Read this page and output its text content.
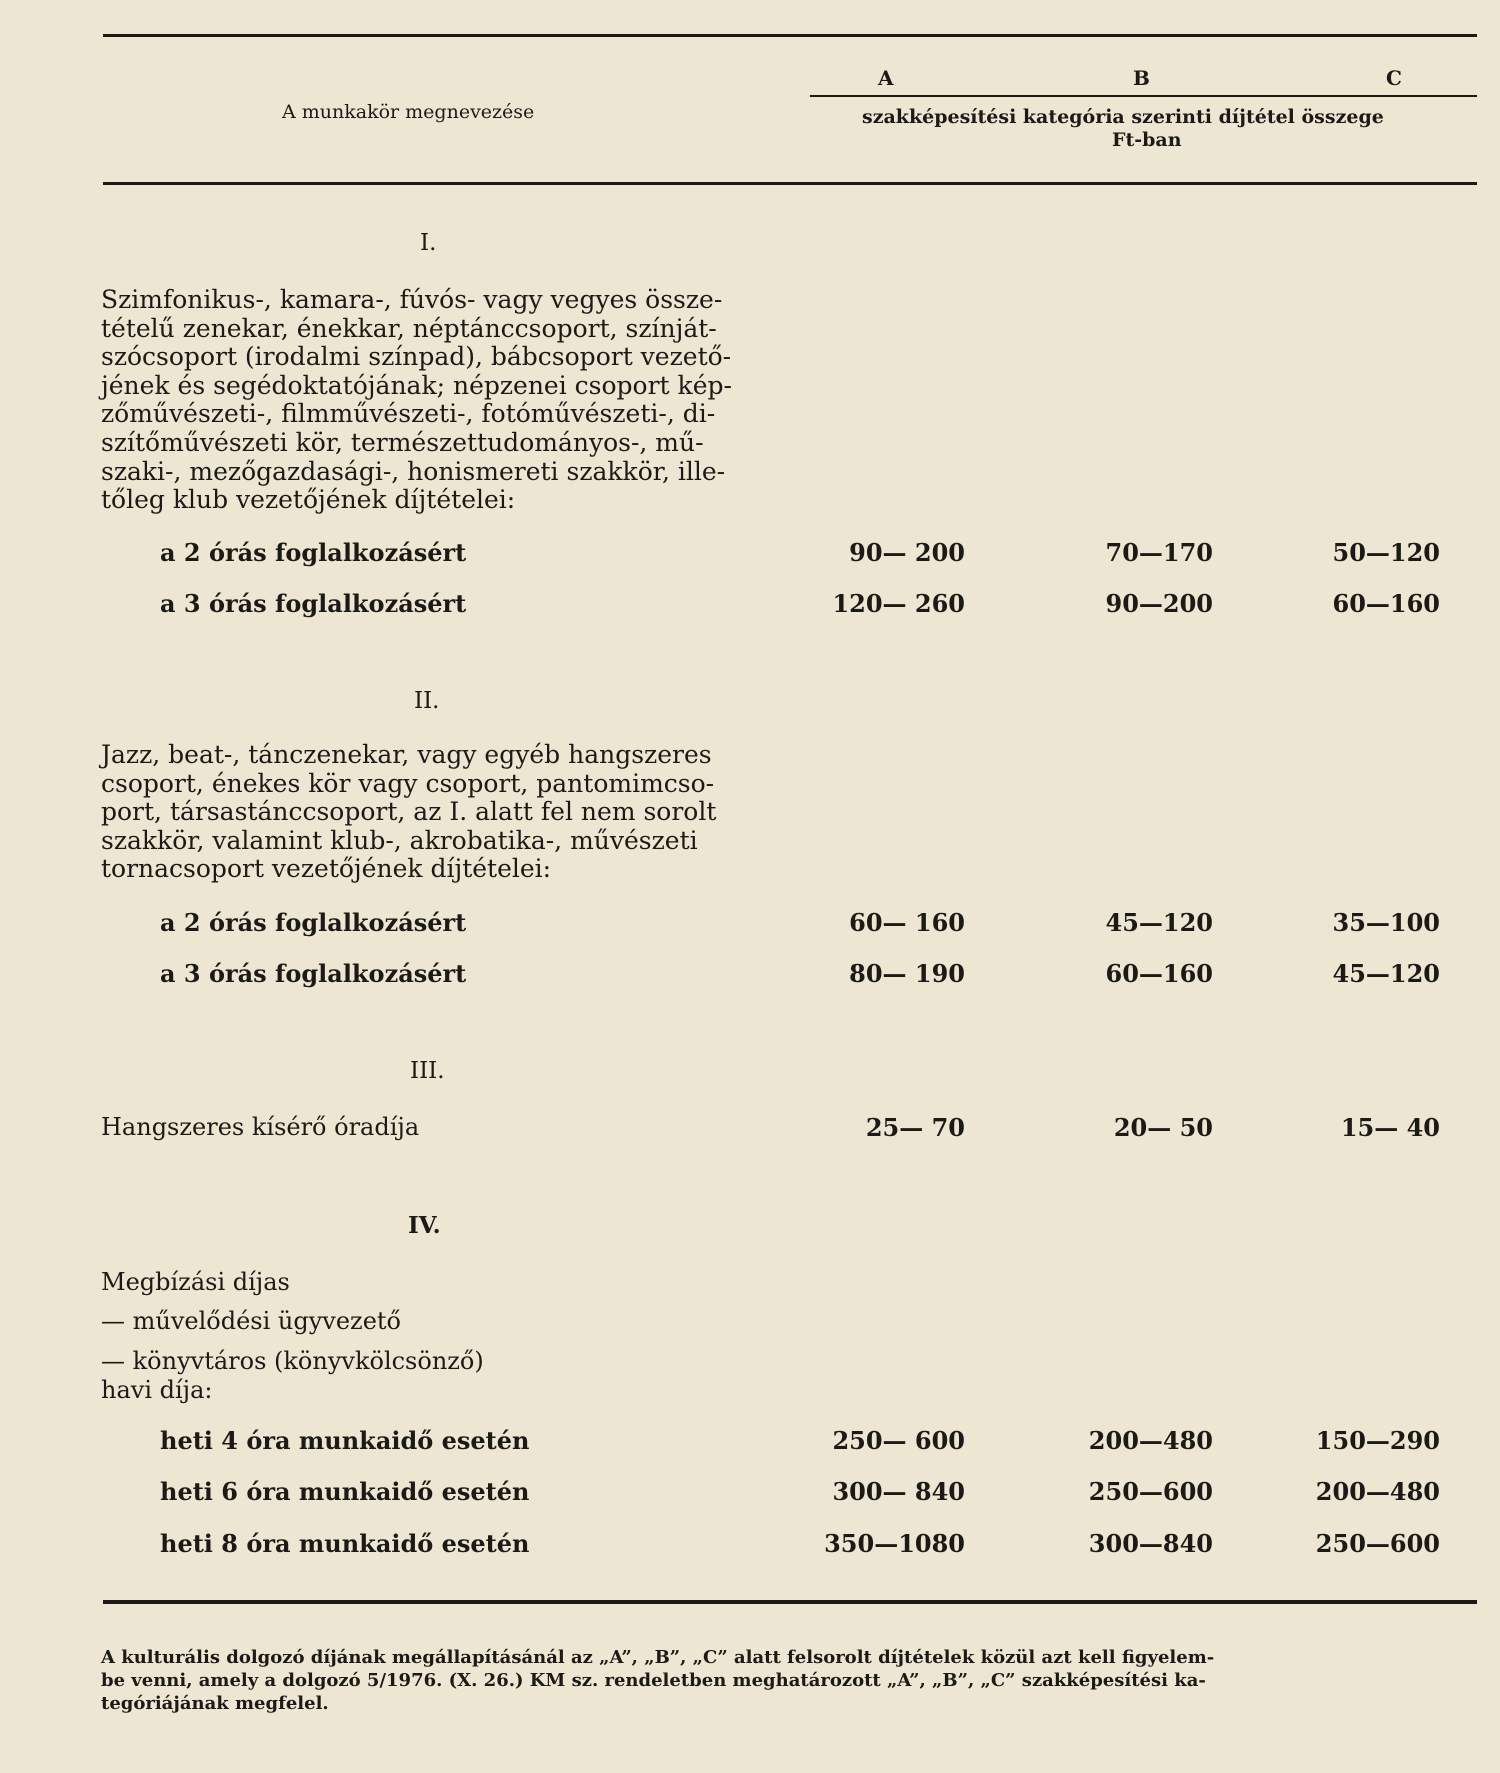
A munkakör megnevezése
A	B	C
szakképesítési kategória szerinti díjtétel összege
Ft-ban
I.
Szimfonikus-, kamara-, fúvós- vagy vegyes össze-
tételű zenekar, énekkar, néptánccsoport, színját-
szócsoport (irodalmi színpad), bábcsoport vezető-
jének és segédoktatójának; népzenei csoport kép-
zőművészeti-, filmművészeti-, fotóművészeti-, di-
szítőművészeti kör, természettudományos-, mű-
szaki-, mezőgazdasági-, honismereti szakkör, ille-
tőleg klub vezetőjének díjtételei:
a 2 órás foglalkozásért	90— 200	70—170	50—120
a 3 órás foglalkozásért	120— 260	90—200	60—160
II.
Jazz, beat-, tánczenekar, vagy egyéb hangszeres
csoport, énekes kör vagy csoport, pantomimcso-
port, társastánccsoport, az I. alatt fel nem sorolt
szakkör, valamint klub-, akrobatika-, művészeti
tornacsoport vezetőjének díjtételei:
a 2 órás foglalkozásért	60— 160	45—120	35—100
a 3 órás foglalkozásért	80— 190	60—160	45—120
III.
Hangszeres kísérő óradíja	25— 70	20— 50	15— 40
IV.
Megbízási díjas
— művelődési ügyvezető
— könyvtáros (könyvkölcsönző)
havi díja:
heti 4 óra munkaidő esetén	250— 600	200—480	150—290
heti 6 óra munkaidő esetén	300— 840	250—600	200—480
heti 8 óra munkaidő esetén	350—1080	300—840	250—600
A kulturális dolgozó díjának megállapításánál az „A”, „B”, „C” alatt felsorolt díjtételek közül azt kell figyelem-
be venni, amely a dolgozó 5/1976. (X. 26.) KM sz. rendeletben meghatározott „A”, „B”, „C” szakképesítési ka-
tegóriájának megfelel.
